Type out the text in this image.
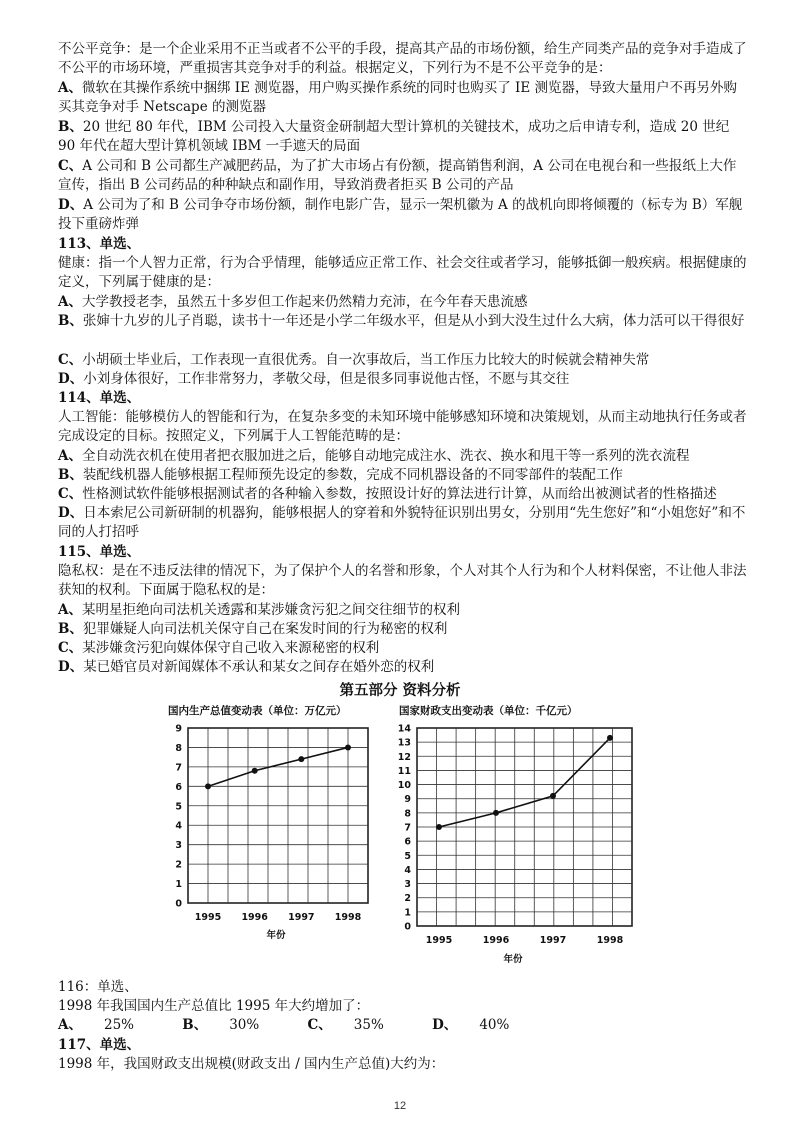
不公平竞争：是一个企业采用不正当或者不公平的手段，提高其产品的市场份额，给生产同类产品的竞争对手造成了不公平的市场环境，严重损害其竞争对手的利益。根据定义，下列行为不是不公平竞争的是：

A、微软在其操作系统中捆绑 IE 测览器，用户购买操作系统的同时也购买了 IE 测览器，导致大量用户不再另外购买其竞争对手 Netscape 的测览器

B、20 世纪 80 年代，IBM 公司投入大量资金研制超大型计算机的关键技术，成功之后申请专利，造成 20 世纪 90 年代在超大型计算机领域 IBM 一手遮天的局面

C、A 公司和 B 公司都生产减肥药品，为了扩大市场占有份额，提高销售利润，A 公司在电视台和一些报纸上大作宣传，指出 B 公司药品的种种缺点和副作用，导致消费者拒买 B 公司的产品

D、A 公司为了和 B 公司争夺市场份额，制作电影广告，显示一架机徽为 A 的战机向即将倾覆的（标专为 B）军舰投下重磅炸弹

113、单选、

健康：指一个人智力正常，行为合乎情理，能够适应正常工作、社会交往或者学习，能够抵御一般疾病。根据健康的定义，下列属于健康的是：

A、大学教授老李，虽然五十多岁但工作起来仍然精力充沛，在今年春天患流感

B、张婶十九岁的儿子肖聪，读书十一年还是小学二年级水平，但是从小到大没生过什么大病，体力活可以干得很好

C、小胡硕士毕业后，工作表现一直很优秀。自一次事故后，当工作压力比较大的时候就会精神失常

D、小刘身体很好，工作非常努力，孝敬父母，但是很多同事说他古怪，不愿与其交往

114、单选、

人工智能：能够模仿人的智能和行为，在复杂多变的未知环境中能够感知环境和决策规划，从而主动地执行任务或者完成设定的目标。按照定义，下列属于人工智能范畴的是：

A、全自动洗衣机在使用者把衣服加进之后，能够自动地完成注水、洗衣、换水和甩干等一系列的洗衣流程

B、装配线机器人能够根据工程师预先设定的参数，完成不同机器设备的不同零部件的装配工作

C、性格测试软件能够根据测试者的各种输入参数，按照设计好的算法进行计算，从而给出被测试者的性格描述

D、日本索尼公司新研制的机器狗，能够根据人的穿着和外貌特征识别出男女，分别用“先生您好”和“小姐您好”和不同的人打招呼

115、单选、

隐私权：是在不违反法律的情况下，为了保护个人的名誉和形象，个人对其个人行为和个人材料保密，不让他人非法获知的权利。下面属于隐私权的是：

A、某明星拒绝向司法机关透露和某涉嫌贪污犯之间交往细节的权利

B、犯罪嫌疑人向司法机关保守自己在案发时间的行为秘密的权利

C、某涉嫌贪污犯向媒体保守自己收入来源秘密的权利

D、某已婚官员对新闻媒体不承认和某女之间存在婚外恋的权利

第五部分 资料分析
国内生产总值变动表（单位：万亿元）
0
1
2
3
4
5
6
7
8
9
1995 1996 1997 1998
年份
国家财政支出变动表（单位：千亿元）
0
1
2
3
4
5
6
7
8
9
10
11
12
13
14
1995	1996	1997	1998
年份

116：单选、

1998 年我国国内生产总值比 1995 年大约增加了：

A、 25%	B、 30%	C、 35%	D、 40%

117、单选、

1998 年，我国财政支出规模(财政支出 / 国内生产总值)大约为：

12
